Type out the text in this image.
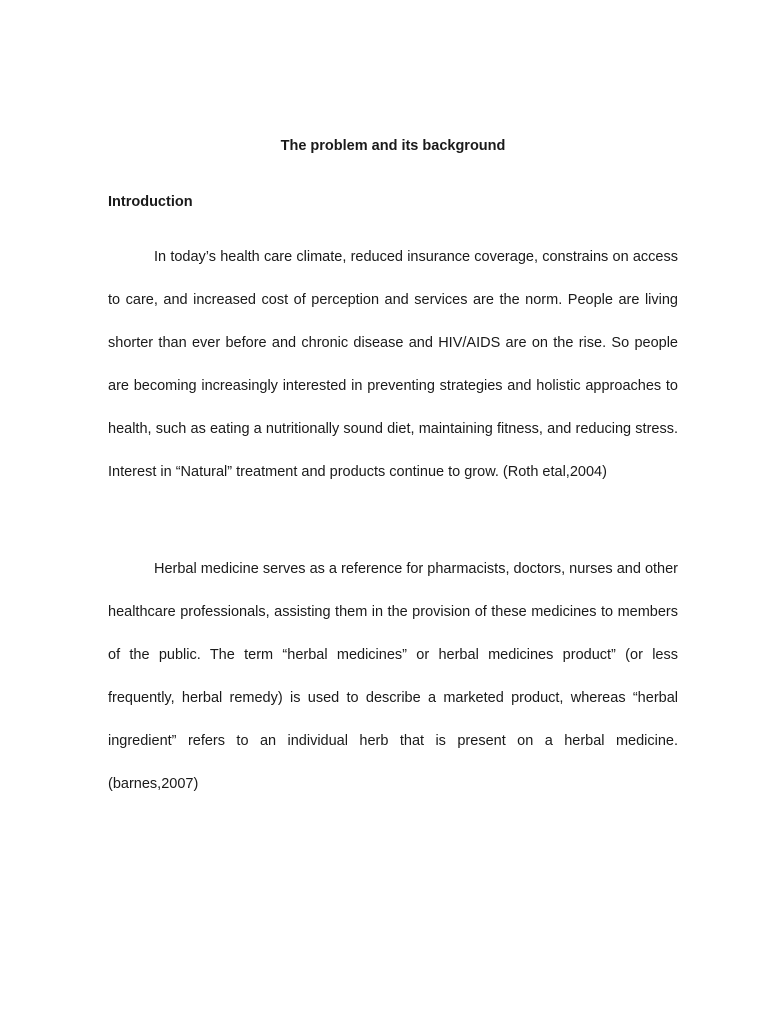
The problem and its background
Introduction

In today’s health care climate, reduced insurance coverage, constrains on access to care, and increased cost of perception and services are the norm. People are living shorter than ever before and chronic disease and HIV/AIDS are on the rise. So people are becoming increasingly interested in preventing strategies and holistic approaches to health, such as eating a nutritionally sound diet, maintaining fitness, and reducing stress. Interest in “Natural” treatment and products continue to grow. (Roth etal,2004)

Herbal medicine serves as a reference for pharmacists, doctors, nurses and other healthcare professionals, assisting them in the provision of these medicines to members of the public. The term “herbal medicines” or herbal medicines product” (or less frequently, herbal remedy) is used to describe a marketed product, whereas “herbal ingredient” refers to an individual herb that is present on a herbal medicine. (barnes,2007)
